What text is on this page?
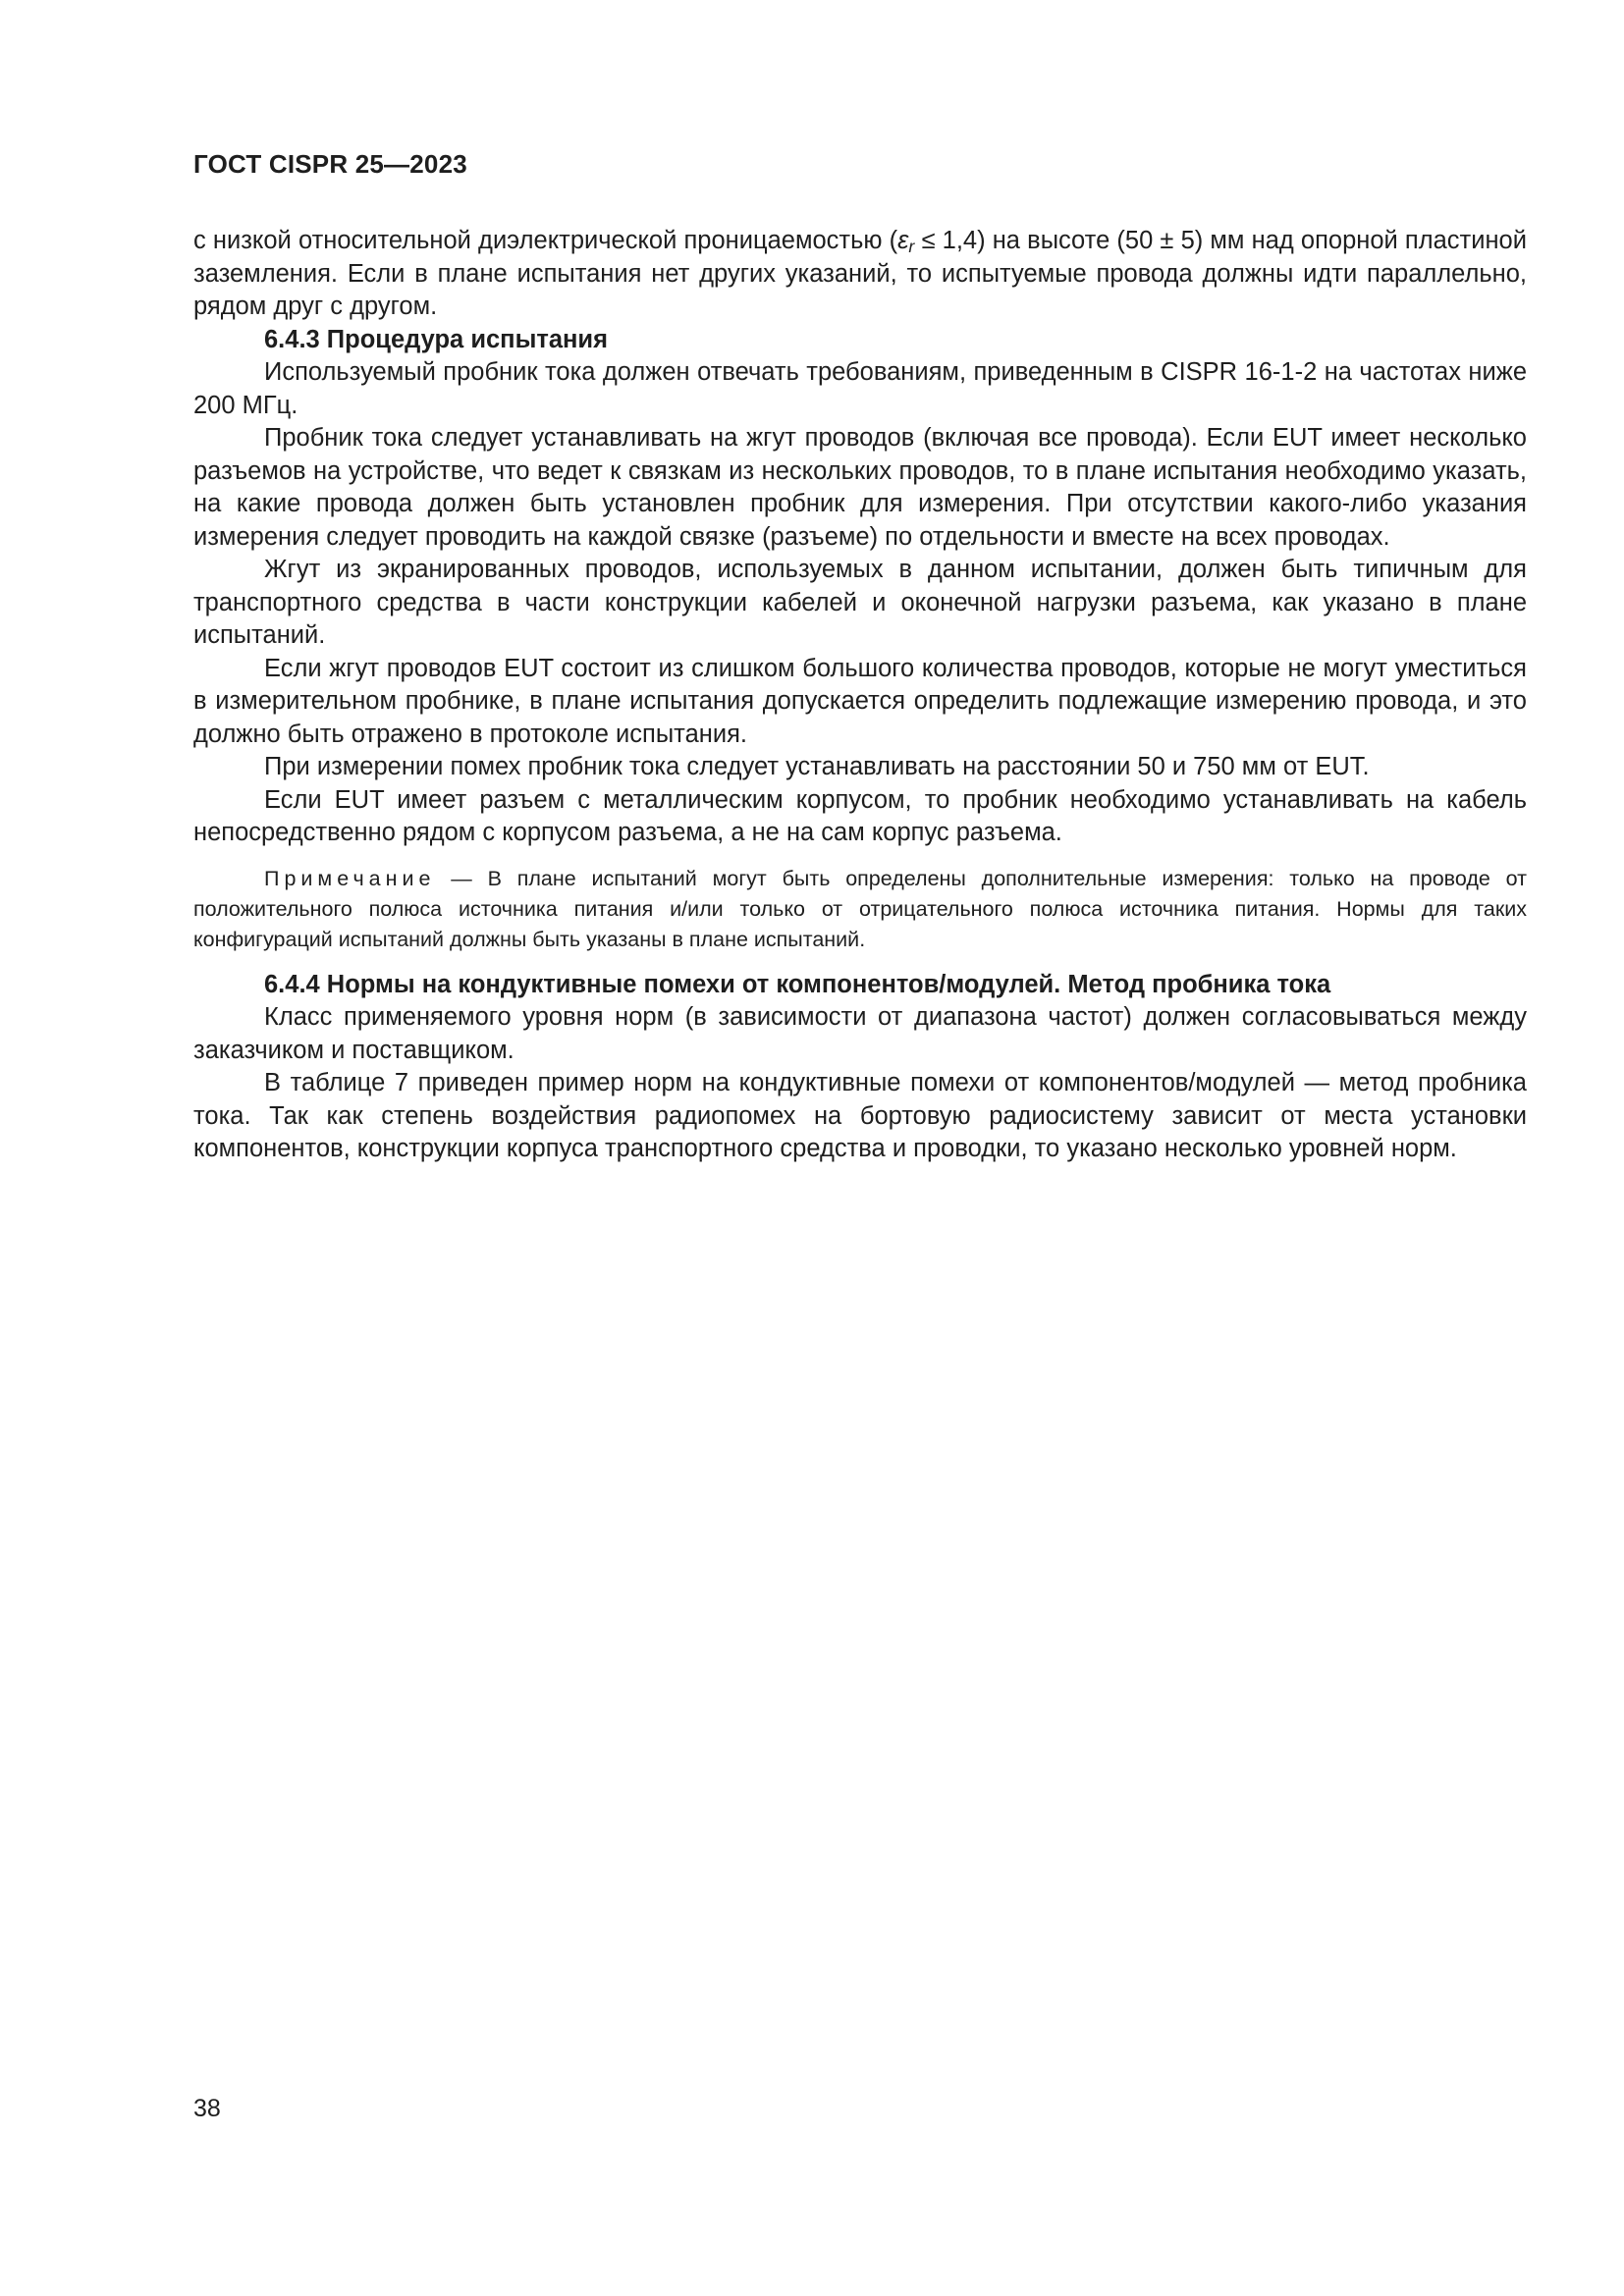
ГОСТ CISPR 25—2023

с низкой относительной диэлектрической проницаемостью $(\varepsilon_r \le 1,4)$ на высоте (50 ± 5) мм над опорной пластиной заземления. Если в плане испытания нет других указаний, то испытуемые провода должны идти параллельно, рядом друг с другом.

6.4.3 Процедура испытания

Используемый пробник тока должен отвечать требованиям, приведенным в CISPR 16-1-2 на частотах ниже 200 МГц.

Пробник тока следует устанавливать на жгут проводов (включая все провода). Если EUT имеет несколько разъемов на устройстве, что ведет к связкам из нескольких проводов, то в плане испытания необходимо указать, на какие провода должен быть установлен пробник для измерения. При отсутствии какого-либо указания измерения следует проводить на каждой связке (разъеме) по отдельности и вместе на всех проводах.

Жгут из экранированных проводов, используемых в данном испытании, должен быть типичным для транспортного средства в части конструкции кабелей и оконечной нагрузки разъема, как указано в плане испытаний.

Если жгут проводов EUT состоит из слишком большого количества проводов, которые не могут уместиться в измерительном пробнике, в плане испытания допускается определить подлежащие измерению провода, и это должно быть отражено в протоколе испытания.

При измерении помех пробник тока следует устанавливать на расстоянии 50 и 750 мм от EUT.

Если EUT имеет разъем с металлическим корпусом, то пробник необходимо устанавливать на кабель непосредственно рядом с корпусом разъема, а не на сам корпус разъема.

Примечание — В плане испытаний могут быть определены дополнительные измерения: только на проводе от положительного полюса источника питания и/или только от отрицательного полюса источника питания. Нормы для таких конфигураций испытаний должны быть указаны в плане испытаний.

6.4.4 Нормы на кондуктивные помехи от компонентов/модулей. Метод пробника тока

Класс применяемого уровня норм (в зависимости от диапазона частот) должен согласовываться между заказчиком и поставщиком.

В таблице 7 приведен пример норм на кондуктивные помехи от компонентов/модулей — метод пробника тока. Так как степень воздействия радиопомех на бортовую радиосистему зависит от места установки компонентов, конструкции корпуса транспортного средства и проводки, то указано несколько уровней норм.

38
